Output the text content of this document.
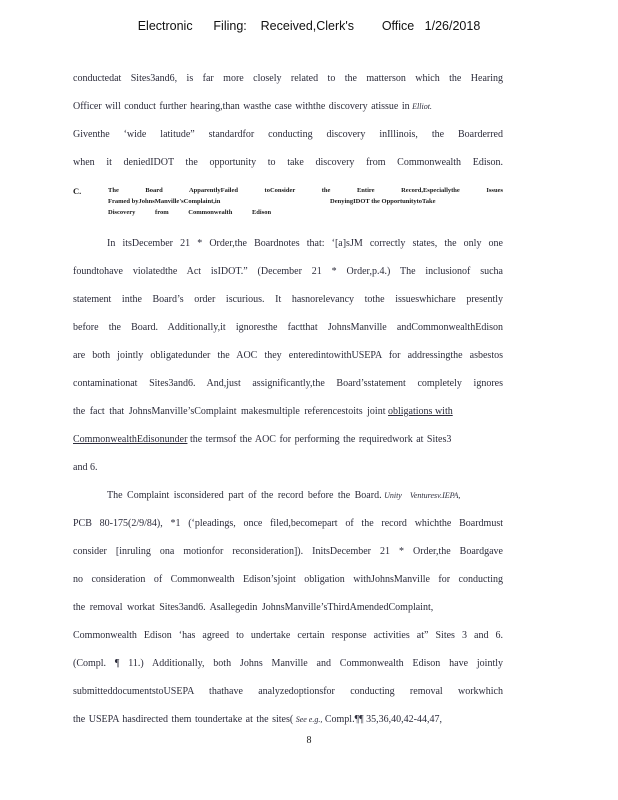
Electronic      Filing:    Received,Clerk's        Office   1/26/2018
conductedat Sites3and6, is far more closely related to the matterson which the Hearing
Officer will conduct further hearing,than wasthe case withthe discovery atissue in Elliot.
Giventhe ‘wide latitude” standardfor conducting discovery inIllinois, the Boarderred
when it deniedIDOT the opportunity to take discovery from Commonwealth Edison.
C.	The Board ApparentlyFailed toConsider the Entire Record,Especiallythe Issues
Framed byJohnsManville'sComplaint,in	DenyingIDOT the OpportunitytoTake
Discovery from Commonwealth Edison
In itsDecember 21 * Order,the Boardnotes that: ‘[a]sJM correctly states, the only one
foundtohave violatedthe Act isIDOT.” (December 21 * Order,p.4.) The inclusionof sucha
statement inthe Board’s order iscurious. It hasnorelevancy tothe issueswhichare presently
before the Board. Additionally,it ignoresthe factthat JohnsManville andCommonwealthEdison
are both jointly obligatedunder the AOC they enteredintowithUSEPA for addressingthe asbestos
contaminationat Sites3and6. And,just assignificantly,the Board’sstatement completely ignores
the fact that JohnsManville’sComplaint makesmultiple referencestoits joint obligations with
CommonwealthEdisonunder the termsof the AOC for performing the requiredwork at Sites3
and 6.
The Complaint isconsidered part of the record before the Board. Unity Venturesv.IEPA,
PCB 80-175(2/9/84), *1 (‘pleadings, once filed,becomepart of the record whichthe Boardmust
consider [inruling ona motionfor reconsideration]). InitsDecember 21 * Order,the Boardgave
no consideration of Commonwealth Edison’sjoint obligation withJohnsManville for conducting
the removal workat Sites3and6. Asallegedin JohnsManville’sThirdAmendedComplaint,
Commonwealth Edison ‘has agreed to undertake certain response activities at” Sites 3 and 6.
(Compl. ¶ 11.) Additionally, both Johns Manville and Commonwealth Edison have jointly
submitteddocumentstoUSEPA thathave analyzedoptionsfor conducting removal workwhich
the USEPA hasdirected them toundertake at the sites( See e.g., Compl.¶¶ 35,36,40,42-44,47,
8
